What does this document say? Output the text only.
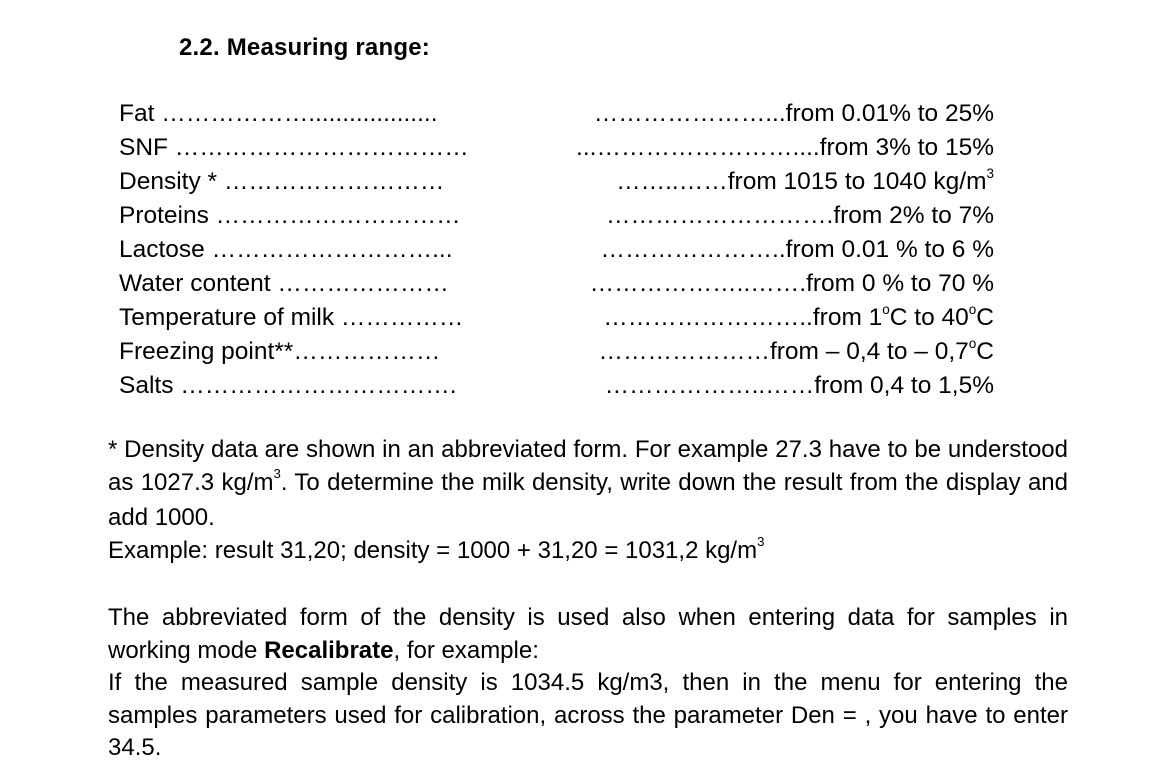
2.2. Measuring range:
Fat ………………...................	…………………...from 0.01% to 25%
SNF ………………………………	...……………………....from 3% to 15%
Density * ………………………	……..……from 1015 to 1040 $kg/m^3$
Proteins …………………………	……………………….from 2% to 7%
Lactose ………………………...	…………………..from 0.01 % to 6 %
Water content …………………	………………..…….from 0 % to 70 %
Temperature of milk ……………	……………………..from 1$^o$C to 40$^o$C
Freezing point**………………	…………………from – 0,4 to – 0,7$^o$C
Salts …………………………….	………………..……from 0,4 to 1,5%

* Density data are shown in an abbreviated form. For example 27.3 have to be understood as 1027.3 $kg/m^3$. To determine the milk density, write down the result from the display and add 1000.

Example: result 31,20; density = 1000 + 31,20 = 1031,2 $kg/m^3$

The abbreviated form of the density is used also when entering data for samples in working mode Recalibrate, for example:

If the measured sample density is 1034.5 kg/m3, then in the menu for entering the samples parameters used for calibration, across the parameter Den = , you have to enter 34.5.
